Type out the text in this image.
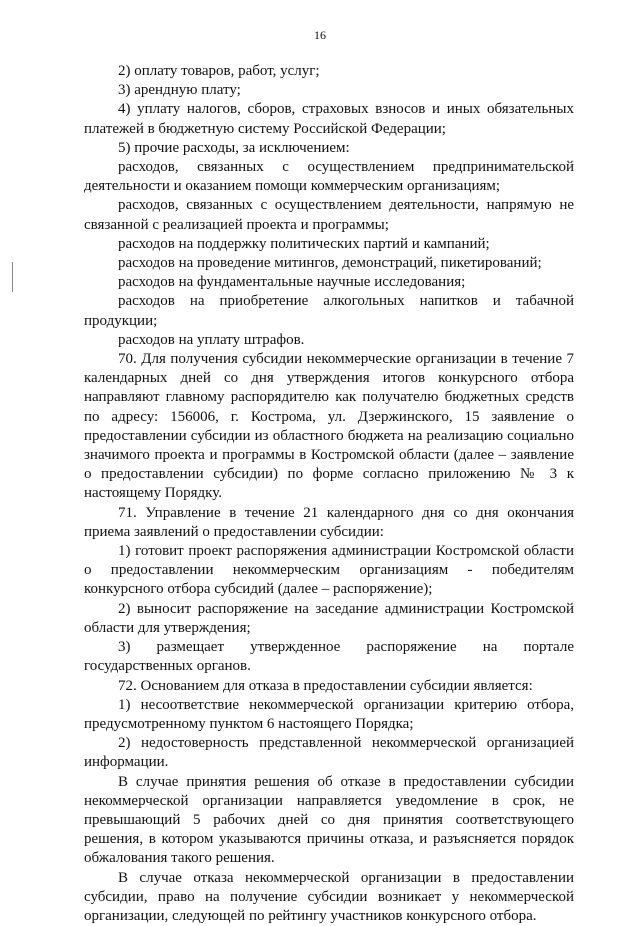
16

2) оплату товаров, работ, услуг;

3) арендную плату;

4) уплату налогов, сборов, страховых взносов и иных обязательных платежей в бюджетную систему Российской Федерации;

5) прочие расходы, за исключением:

расходов, связанных с осуществлением предпринимательской деятельности и оказанием помощи коммерческим организациям;

расходов, связанных с осуществлением деятельности, напрямую не связанной с реализацией проекта и программы;

расходов на поддержку политических партий и кампаний;

расходов на проведение митингов, демонстраций, пикетирований;

расходов на фундаментальные научные исследования;

расходов на приобретение алкогольных напитков и табачной продукции;

расходов на уплату штрафов.

70. Для получения субсидии некоммерческие организации в течение 7 календарных дней со дня утверждения итогов конкурсного отбора направляют главному распорядителю как получателю бюджетных средств по адресу: 156006, г. Кострома, ул. Дзержинского, 15 заявление о предоставлении субсидии из областного бюджета на реализацию социально значимого проекта и программы в Костромской области (далее – заявление о предоставлении субсидии) по форме согласно приложению № 3 к настоящему Порядку.

71. Управление в течение 21 календарного дня со дня окончания приема заявлений о предоставлении субсидии:

1) готовит проект распоряжения администрации Костромской области о предоставлении некоммерческим организациям - победителям конкурсного отбора субсидий (далее – распоряжение);

2) выносит распоряжение на заседание администрации Костромской области для утверждения;

3) размещает утвержденное распоряжение на портале государственных органов.

72. Основанием для отказа в предоставлении субсидии является:

1) несоответствие некоммерческой организации критерию отбора, предусмотренному пунктом 6 настоящего Порядка;

2) недостоверность представленной некоммерческой организацией информации.

В случае принятия решения об отказе в предоставлении субсидии некоммерческой организации направляется уведомление в срок, не превышающий 5 рабочих дней со дня принятия соответствующего решения, в котором указываются причины отказа, и разъясняется порядок обжалования такого решения.

В случае отказа некоммерческой организации в предоставлении субсидии, право на получение субсидии возникает у некоммерческой организации, следующей по рейтингу участников конкурсного отбора.
